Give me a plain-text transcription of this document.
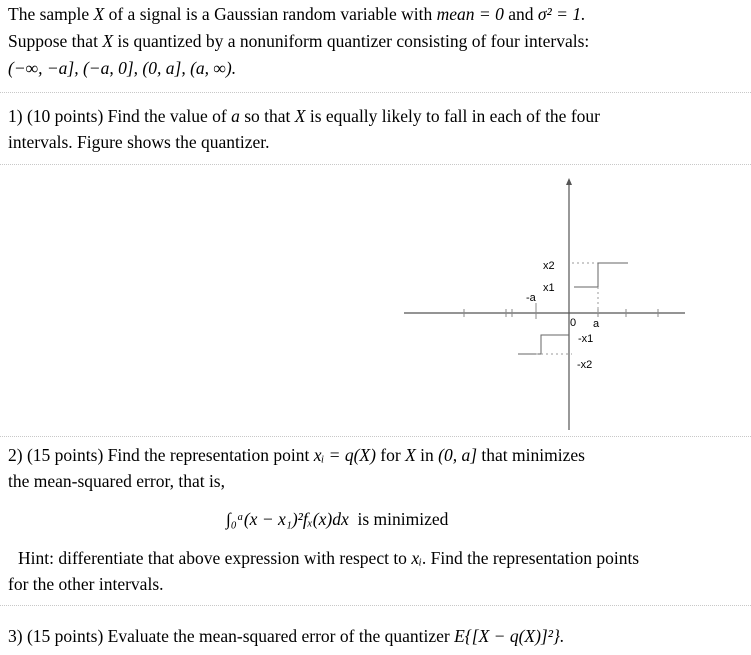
The sample X of a signal is a Gaussian random variable with mean = 0 and σ² = 1.

Suppose that X is quantized by a nonuniform quantizer consisting of four intervals:

(−∞, −a], (−a, 0], (0, a], (a, ∞).

1) (10 points) Find the value of a so that X is equally likely to fall in each of the four

intervals. Figure shows the quantizer.

x2
x1
-a
0 a
-x1
-x2

2) (15 points) Find the representation point xᵢ = q(X) for X in (0, a] that minimizes

the mean-squared error, that is,

∫₀ᵃ(x − x₁)²fₓ(x)dx is minimized

Hint: differentiate that above expression with respect to xᵢ. Find the representation points

for the other intervals.

3) (15 points) Evaluate the mean-squared error of the quantizer E{[X − q(X)]²}.
